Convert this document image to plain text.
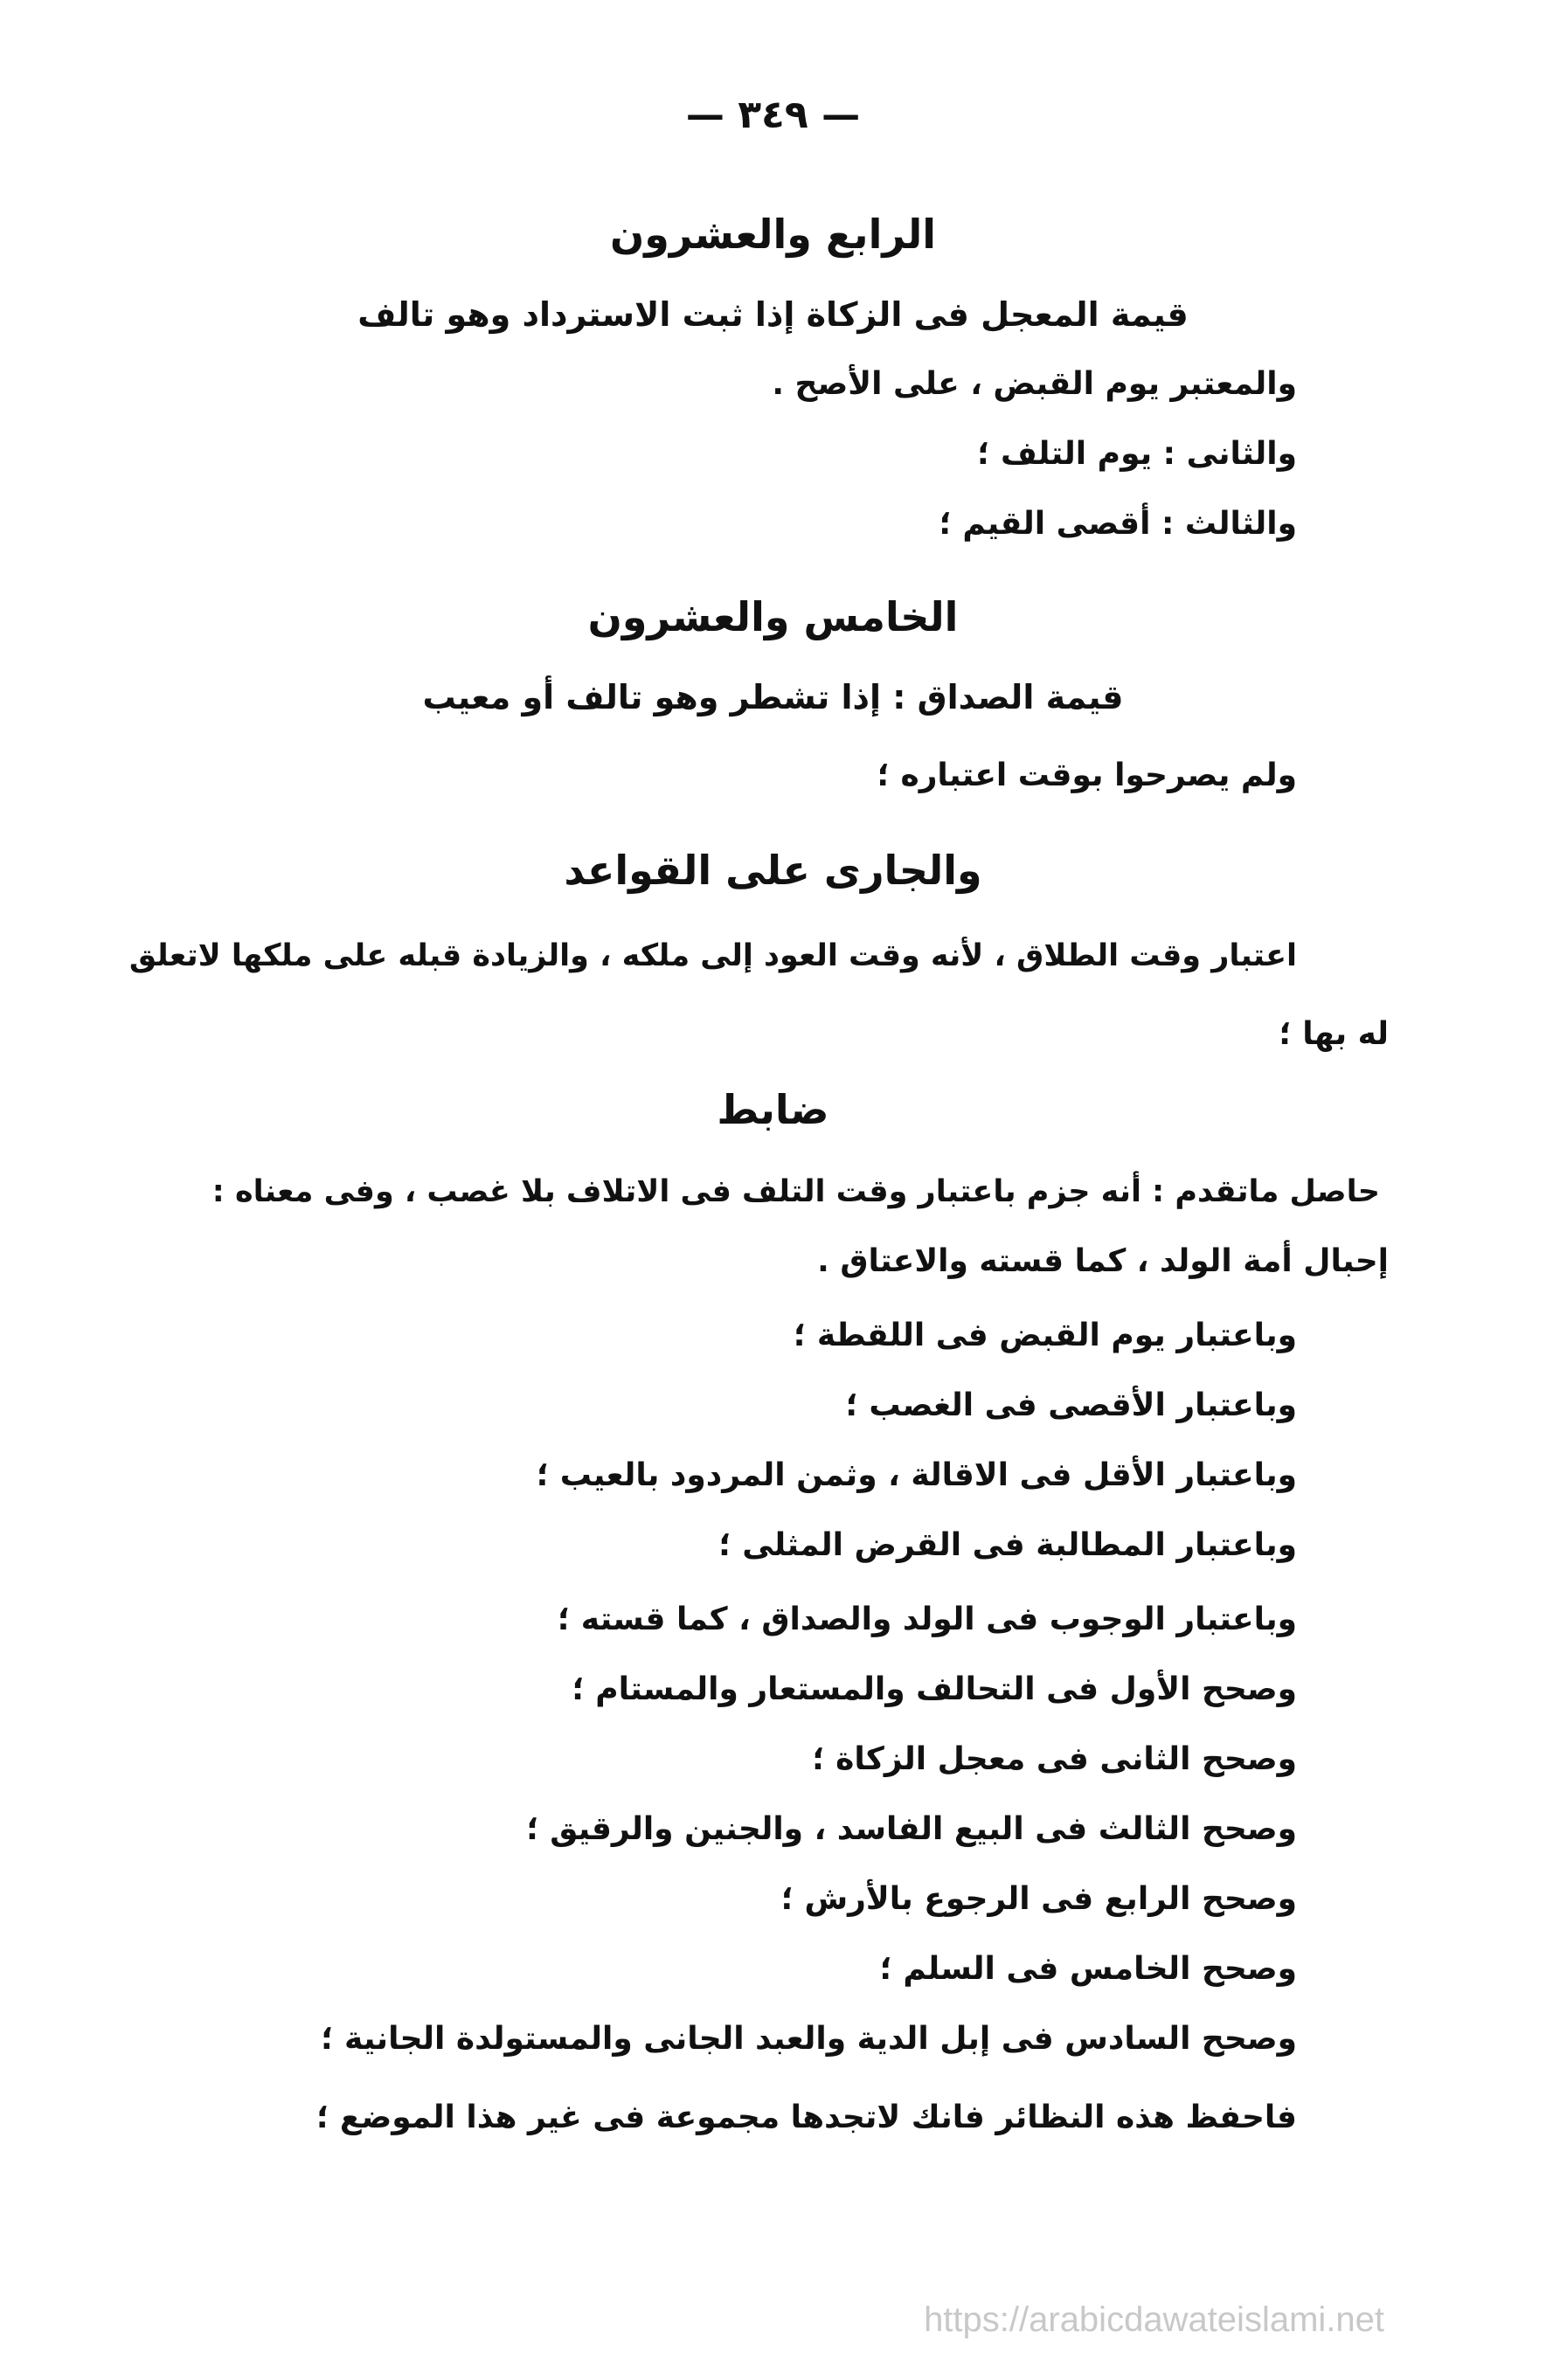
— ٣٤٩ —
الرابع والعشرون
قيمة المعجل فى الزكاة إذا ثبت الاسترداد وهو تالف
والمعتبر يوم القبض ، على الأصح .
والثانى : يوم التلف ؛
والثالث : أقصى القيم ؛
الخامس والعشرون
قيمة الصداق : إذا تشطر وهو تالف أو معيب
ولم يصرحوا بوقت اعتباره ؛
والجارى على القواعد
اعتبار وقت الطلاق ، لأنه وقت العود إلى ملكه ، والزيادة قبله على ملكها لاتعلق
له بها ؛
ضابط
حاصل ماتقدم : أنه جزم باعتبار وقت التلف فى الاتلاف بلا غصب ، وفى معناه :
إحبال أمة الولد ، كما قسته والاعتاق .
وباعتبار يوم القبض فى اللقطة ؛
وباعتبار الأقصى فى الغصب ؛
وباعتبار الأقل فى الاقالة ، وثمن المردود بالعيب ؛
وباعتبار المطالبة فى القرض المثلى ؛
وباعتبار الوجوب فى الولد والصداق ، كما قسته ؛
وصحح الأول فى التحالف والمستعار والمستام ؛
وصحح الثانى فى معجل الزكاة ؛
وصحح الثالث فى البيع الفاسد ، والجنين والرقيق ؛
وصحح الرابع فى الرجوع بالأرش ؛
وصحح الخامس فى السلم ؛
وصحح السادس فى إبل الدية والعبد الجانى والمستولدة الجانية ؛
فاحفظ هذه النظائر فانك لاتجدها مجموعة فى غير هذا الموضع ؛
https://arabicdawateislami.net
